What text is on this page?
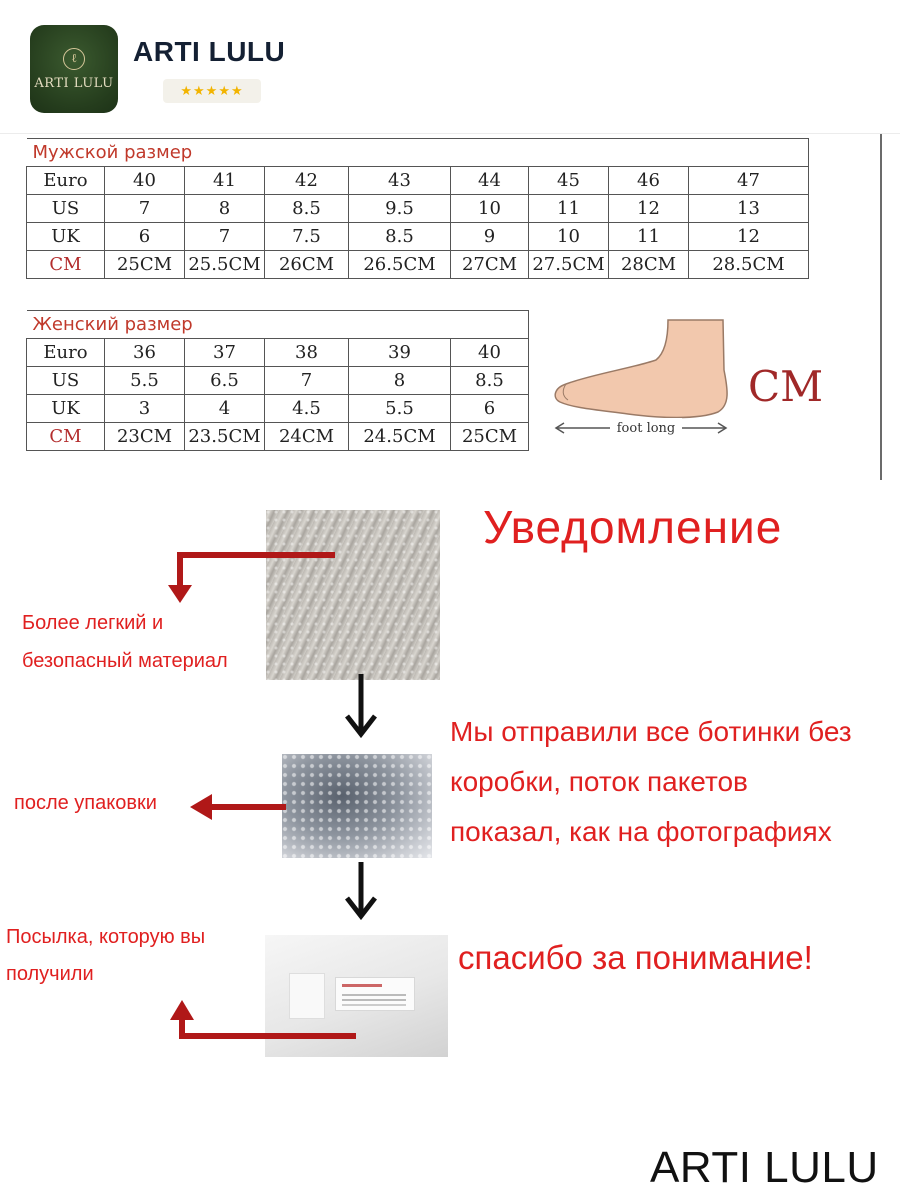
ℓ
ARTI LULU
ARTI LULU
★★★★★
Мужской размер								
Euro	40	41	42	43	44	45	46	47
US	7	8	8.5	9.5	10	11	12	13
UK	6	7	7.5	8.5	9	10	11	12
CM	25CM	25.5CM	26CM	26.5CM	27CM	27.5CM	28CM	28.5CM
Женский размер					
Euro	36	37	38	39	40
US	5.5	6.5	7	8	8.5
UK	3	4	4.5	5.5	6
CM	23CM	23.5CM	24CM	24.5CM	25CM	foot long
CM
Уведомление
Более легкий и
безопасный материал
Мы отправили все ботинки без
коробки, поток пакетов
показал, как на фотографиях
после упаковки
Посылка, которую вы
получили	спасибо за понимание!
ARTI LULU
